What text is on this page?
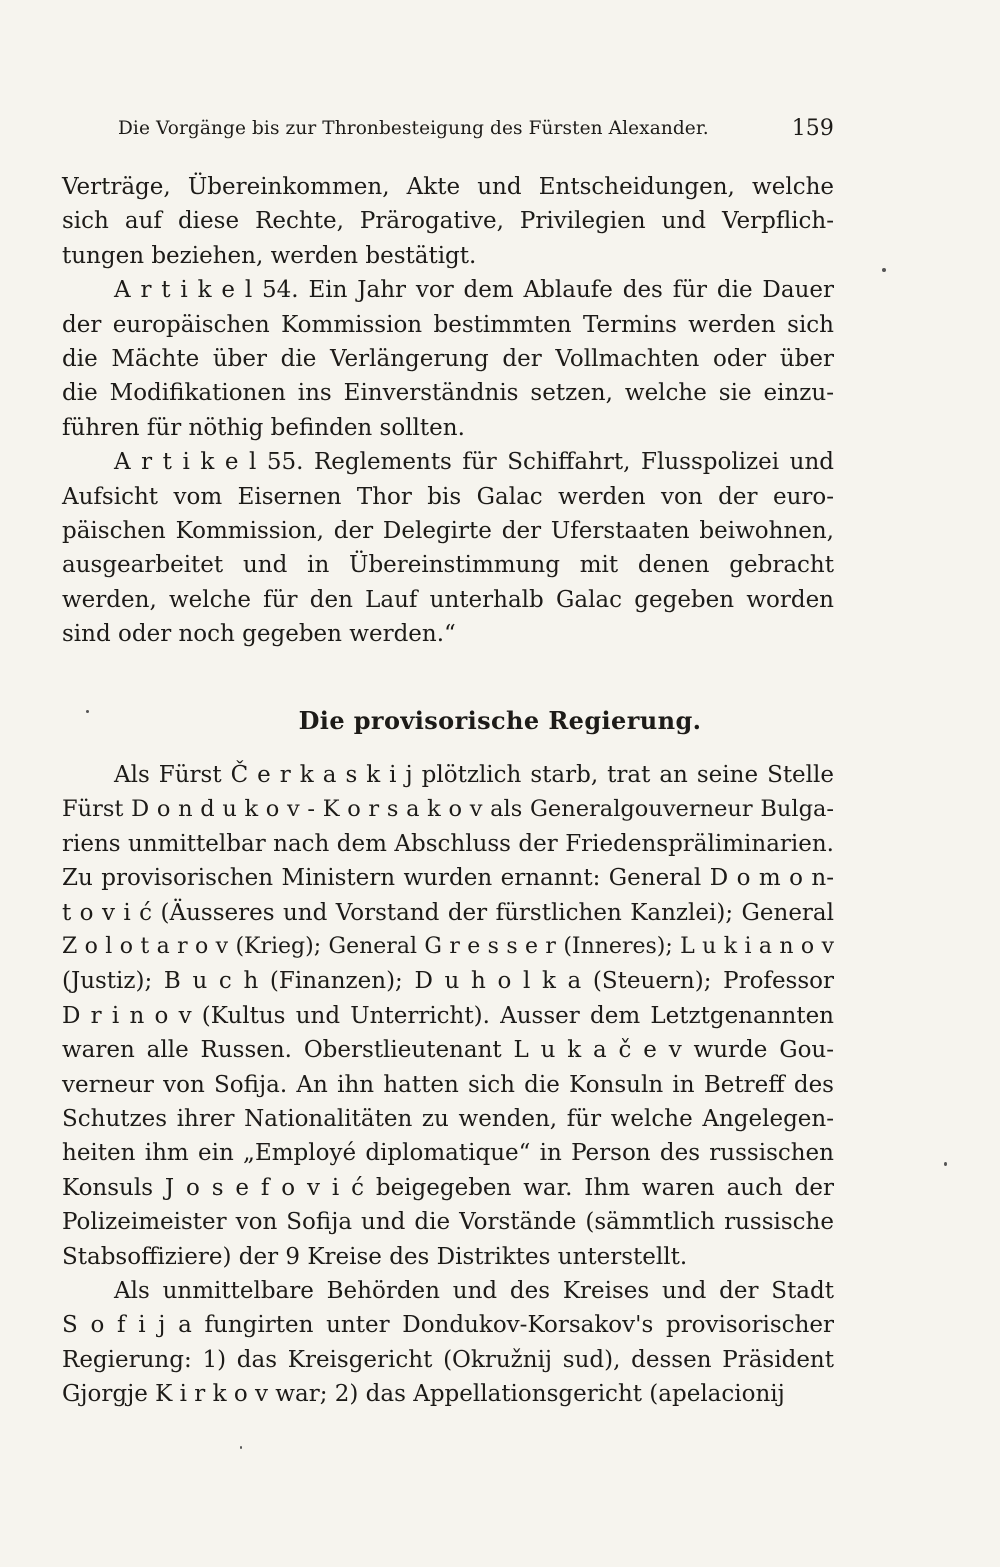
Die Vorgänge bis zur Thronbesteigung des Fürsten Alexander.	159
Verträge, Übereinkommen, Akte und Entscheidungen, welche
sich auf diese Rechte, Prärogative, Privilegien und Verpflich-
tungen beziehen, werden bestätigt.
A r t i k e l 54. Ein Jahr vor dem Ablaufe des für die Dauer
der europäischen Kommission bestimmten Termins werden sich
die Mächte über die Verlängerung der Vollmachten oder über
die Modifikationen ins Einverständnis setzen, welche sie einzu-
führen für nöthig befinden sollten.
A r t i k e l 55. Reglements für Schiffahrt, Flusspolizei und
Aufsicht vom Eisernen Thor bis Galac werden von der euro-
päischen Kommission, der Delegirte der Uferstaaten beiwohnen,
ausgearbeitet und in Übereinstimmung mit denen gebracht
werden, welche für den Lauf unterhalb Galac gegeben worden
sind oder noch gegeben werden.“
Die provisorische Regierung.
Als Fürst Č e r k a s k i j plötzlich starb, trat an seine Stelle
Fürst D o n d u k o v - K o r s a k o v als Generalgouverneur Bulga-
riens unmittelbar nach dem Abschluss der Friedenspräliminarien.
Zu provisorischen Ministern wurden ernannt: General D o m o n-
t o v i ć (Äusseres und Vorstand der fürstlichen Kanzlei); General
Z o l o t a r o v (Krieg); General G r e s s e r (Inneres); L u k i a n o v
(Justiz); B u c h (Finanzen); D u h o l k a (Steuern); Professor
D r i n o v (Kultus und Unterricht). Ausser dem Letztgenannten
waren alle Russen. Oberstlieutenant L u k a č e v wurde Gou-
verneur von Sofija. An ihn hatten sich die Konsuln in Betreff des
Schutzes ihrer Nationalitäten zu wenden, für welche Angelegen-
heiten ihm ein „Employé diplomatique“ in Person des russischen
Konsuls J o s e f o v i ć beigegeben war. Ihm waren auch der
Polizeimeister von Sofija und die Vorstände (sämmtlich russische
Stabsoffiziere) der 9 Kreise des Distriktes unterstellt.
Als unmittelbare Behörden und des Kreises und der Stadt
S o f i j a fungirten unter Dondukov-Korsakov's provisorischer
Regierung: 1) das Kreisgericht (Okružnij sud), dessen Präsident
Gjorgje K i r k o v war; 2) das Appellationsgericht (apelacionij
